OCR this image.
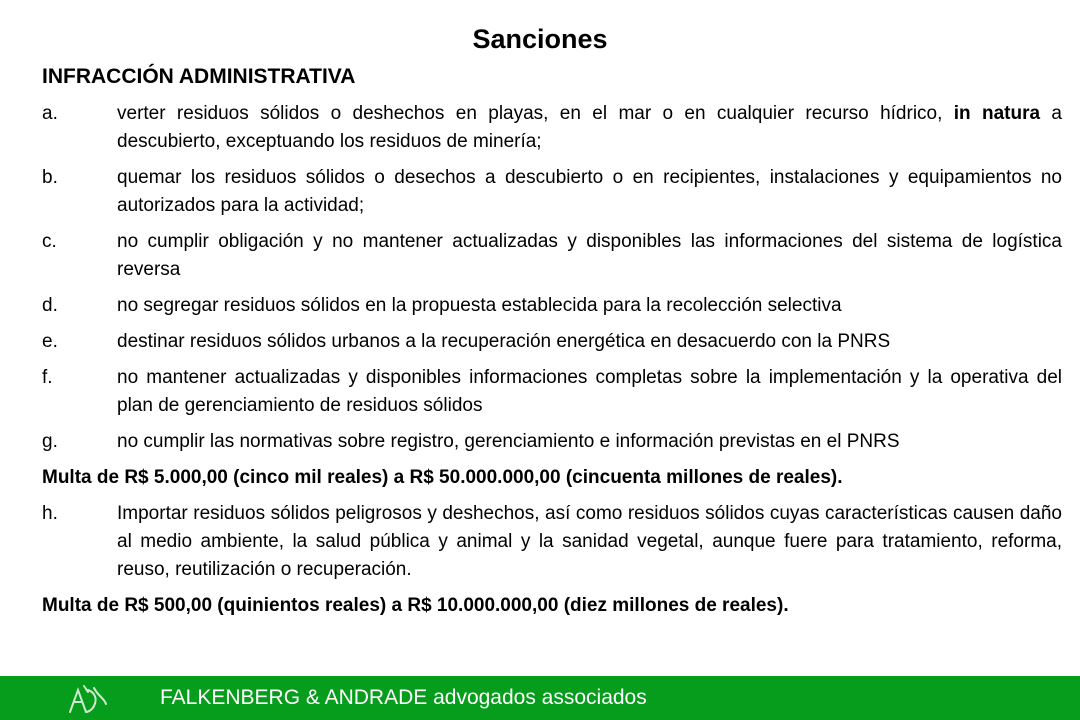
Sanciones
INFRACCIÓN ADMINISTRATIVA
a.	verter residuos sólidos o deshechos en playas, en el mar o en cualquier recurso hídrico, in natura a descubierto, exceptuando los residuos de minería;
b.	quemar los residuos sólidos o desechos a descubierto o en recipientes, instalaciones y equipamientos no autorizados para la actividad;
c.	no cumplir obligación y no mantener actualizadas y disponibles las informaciones del sistema de logística reversa
d.	no segregar residuos sólidos en la propuesta establecida para la recolección selectiva
e.	destinar residuos sólidos urbanos a la recuperación energética en desacuerdo con la PNRS
f.	no mantener actualizadas y disponibles informaciones completas sobre la implementación y la operativa del plan de gerenciamiento de residuos sólidos
g.	no cumplir las normativas sobre registro, gerenciamiento e información previstas en el PNRS
Multa de R$ 5.000,00 (cinco mil reales) a R$ 50.000.000,00 (cincuenta millones de reales).
h.	Importar residuos sólidos peligrosos y deshechos, así como residuos sólidos cuyas características causen daño al medio ambiente, la salud pública y animal y la sanidad vegetal, aunque fuere para tratamiento, reforma, reuso, reutilización o recuperación.
Multa de R$ 500,00 (quinientos reales) a R$ 10.000.000,00 (diez millones de reales).
FALKENBERG & ANDRADE advogados associados
